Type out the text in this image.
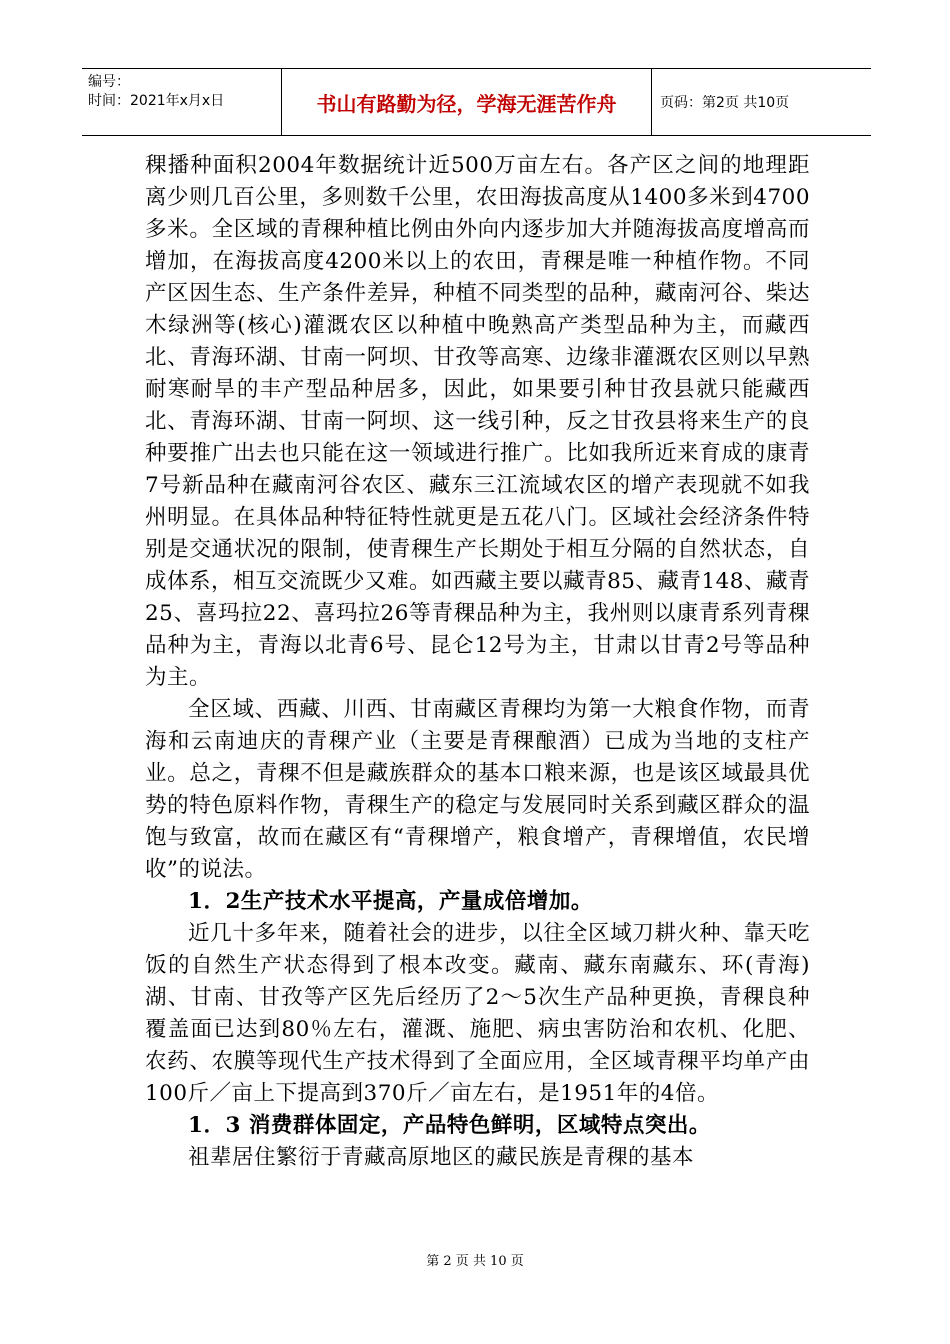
编号：
时间：2021年x月x日	书山有路勤为径，学海无涯苦作舟	页码：第2页 共10页

稞播种面积2004年数据统计近500万亩左右。各产区之间的地理距离少则几百公里，多则数千公里，农田海拔高度从1400多米到4700多米。全区域的青稞种植比例由外向内逐步加大并随海拔高度增高而增加，在海拔高度4200米以上的农田，青稞是唯一种植作物。不同产区因生态、生产条件差异，种植不同类型的品种，藏南河谷、柴达木绿洲等(核心)灌溉农区以种植中晚熟高产类型品种为主，而藏西北、青海环湖、甘南一阿坝、甘孜等高寒、边缘非灌溉农区则以早熟耐寒耐旱的丰产型品种居多，因此，如果要引种甘孜县就只能藏西北、青海环湖、甘南一阿坝、这一线引种，反之甘孜县将来生产的良种要推广出去也只能在这一领域进行推广。比如我所近来育成的康青7号新品种在藏南河谷农区、藏东三江流域农区的增产表现就不如我州明显。在具体品种特征特性就更是五花八门。区域社会经济条件特别是交通状况的限制，使青稞生产长期处于相互分隔的自然状态，自成体系，相互交流既少又难。如西藏主要以藏青85、藏青148、藏青25、喜玛拉22、喜玛拉26等青稞品种为主，我州则以康青系列青稞品种为主，青海以北青6号、昆仑12号为主，甘肃以甘青2号等品种为主。

全区域、西藏、川西、甘南藏区青稞均为第一大粮食作物，而青海和云南迪庆的青稞产业（主要是青稞酿酒）已成为当地的支柱产业。总之，青稞不但是藏族群众的基本口粮来源，也是该区域最具优势的特色原料作物，青稞生产的稳定与发展同时关系到藏区群众的温饱与致富，故而在藏区有“青稞增产，粮食增产，青稞增值，农民增收”的说法。

1．2生产技术水平提高，产量成倍增加。

近几十多年来，随着社会的进步，以往全区域刀耕火种、靠天吃饭的自然生产状态得到了根本改变。藏南、藏东南藏东、环(青海)湖、甘南、甘孜等产区先后经历了2～5次生产品种更换，青稞良种覆盖面已达到80％左右，灌溉、施肥、病虫害防治和农机、化肥、农药、农膜等现代生产技术得到了全面应用，全区域青稞平均单产由100斤／亩上下提高到370斤／亩左右，是1951年的4倍。

1．3 消费群体固定，产品特色鲜明，区域特点突出。

祖辈居住繁衍于青藏高原地区的藏民族是青稞的基本

第 2 页 共 10 页
